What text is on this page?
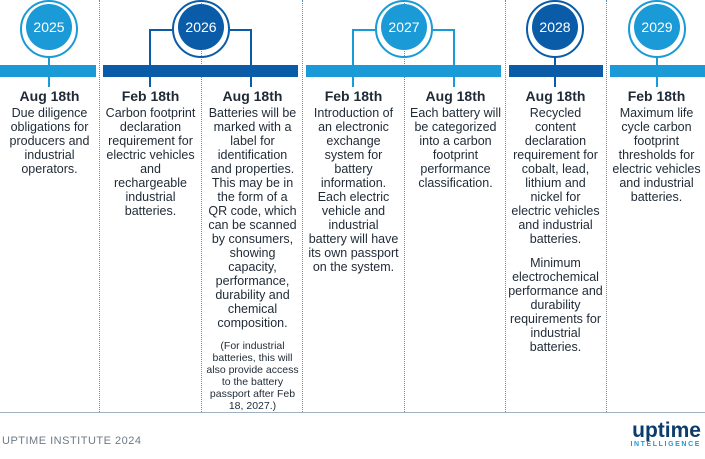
2025	2026	2027	2028	2029
Aug 18th
Due diligence obligations for producers and industrial operators.
Feb 18th
Carbon footprint declaration requirement for electric vehicles and rechargeable industrial batteries.
Aug 18th
Batteries will be marked with a label for identification and properties. This may be in the form of a QR code, which can be scanned by consumers, showing capacity, performance, durability and chemical composition.
(For industrial batteries, this will also provide access to the battery passport after Feb 18, 2027.)
Feb 18th
Introduction of an electronic exchange system for battery information. Each electric vehicle and industrial battery will have its own passport on the system.
Aug 18th
Each battery will be categorized into a carbon footprint performance classification.
Aug 18th
Recycled content declaration requirement for cobalt, lead, lithium and nickel for electric vehicles and industrial batteries.
Minimum electrochemical performance and durability requirements for industrial batteries.
Feb 18th
Maximum life cycle carbon footprint thresholds for electric vehicles and industrial batteries.
UPTIME INSTITUTE 2024	uptime
INTELLIGENCE
